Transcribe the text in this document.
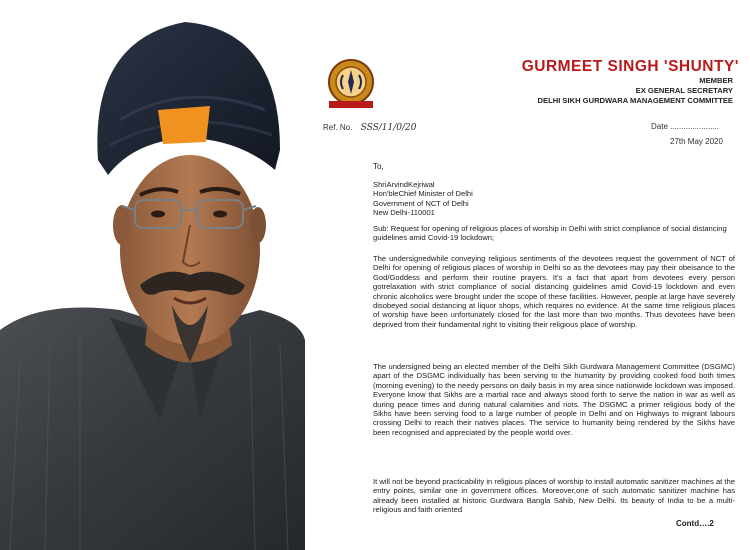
GURMEET SINGH 'SHUNTY'
MEMBER
EX GENERAL SECRETARY
DELHI SIKH GURDWARA MANAGEMENT COMMITTEE
Ref. No. SSS/11/0/20	Date ......................
27th May 2020
To,
ShriArvindKejriwal
Hon'bleChief Minister of Delhi
Government of NCT of Delhi
New Delhi-110001
Sub: Request for opening of religious places of worship in Delhi with strict compliance of social distancing guidelines amid Covid-19 lockdown;
The undersignedwhile conveying religious sentiments of the devotees request the government of NCT of Delhi for opening of religious places of worship in Delhi so as the devotees may pay their obeisance to the God/Goddess and perform their routine prayers. It's a fact that apart from devotees every person gotrelaxation with strict compliance of social distancing guidelines amid Covid-19 lockdown and even chronic alcoholics were brought under the scope of these facilities. However, people at large have severely disobeyed social distancing at liquor shops, which requires no evidence. At the same time religious places of worship have been unfortunately closed for the last more than two months. Thus devotees have been deprived from their fundamental right to visiting their religious place of worship.
The undersigned being an elected member of the Delhi Sikh Gurdwara Management Committee (DSGMC) apart of the DSGMC individually has been serving to the humanity by providing cooked food both times (morning evening) to the needy persons on daily basis in my area since nationwide lockdown was imposed. Everyone know that Sikhs are a martial race and always stood forth to serve the nation in war as well as during peace times and during natural calamities and riots. The DSGMC a primer religious body of the Sikhs have been serving food to a large number of people in Delhi and on Highways to migrant labours crossing Delhi to reach their natives places. The service to humanity being rendered by the Sikhs have been recognised and appreciated by the people world over.
It will not be beyond practicability in religious places of worship to install automatic sanitizer machines at the entry points, similar one in government offices. Moreover,one of such automatic sanitizer machine has already been installed at historic Gurdwara Bangla Sahib, New Delhi. Its beauty of India to be a multi-religious and faith oriented
Contd….2
